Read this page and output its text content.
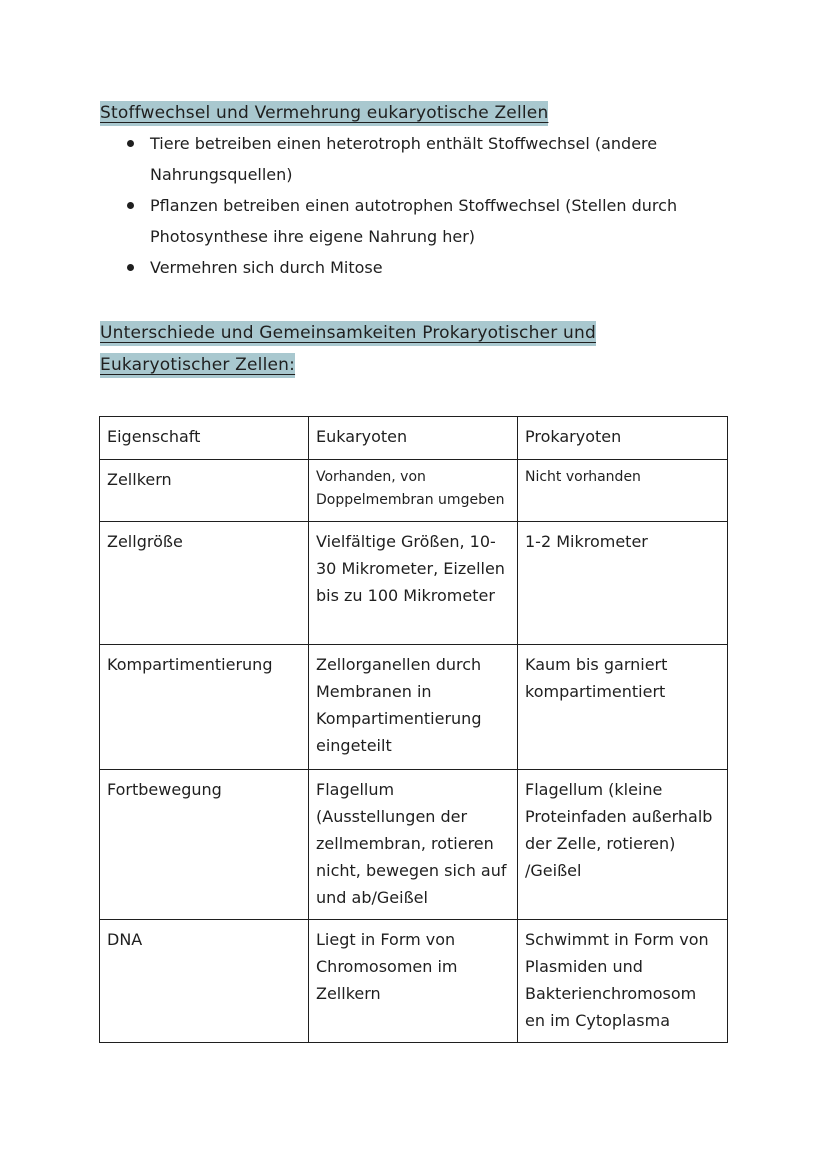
Stoffwechsel und Vermehrung eukaryotische Zellen
Tiere betreiben einen heterotroph enthält Stoffwechsel (andere Nahrungsquellen)
Pflanzen betreiben einen autotrophen Stoffwechsel (Stellen durch Photosynthese ihre eigene Nahrung her)
Vermehren sich durch Mitose
Unterschiede und Gemeinsamkeiten Prokaryotischer und Eukaryotischer Zellen:
Eigenschaft	Eukaryoten	Prokaryoten
Zellkern	Vorhanden, von Doppelmembran umgeben	Nicht vorhanden
Zellgröße	Vielfältige Größen, 10-30 Mikrometer, Eizellen bis zu 100 Mikrometer	1-2 Mikrometer
Kompartimentierung	Zellorganellen durch Membranen in Kompartimentierung eingeteilt	Kaum bis garniert kompartimentiert
Fortbewegung	Flagellum (Ausstellungen der zellmembran, rotieren nicht, bewegen sich auf und ab/Geißel	Flagellum (kleine Proteinfaden außerhalb der Zelle, rotieren) /Geißel
DNA	Liegt in Form von Chromosomen im Zellkern	Schwimmt in Form von Plasmiden und Bakterienchromosom en im Cytoplasma
